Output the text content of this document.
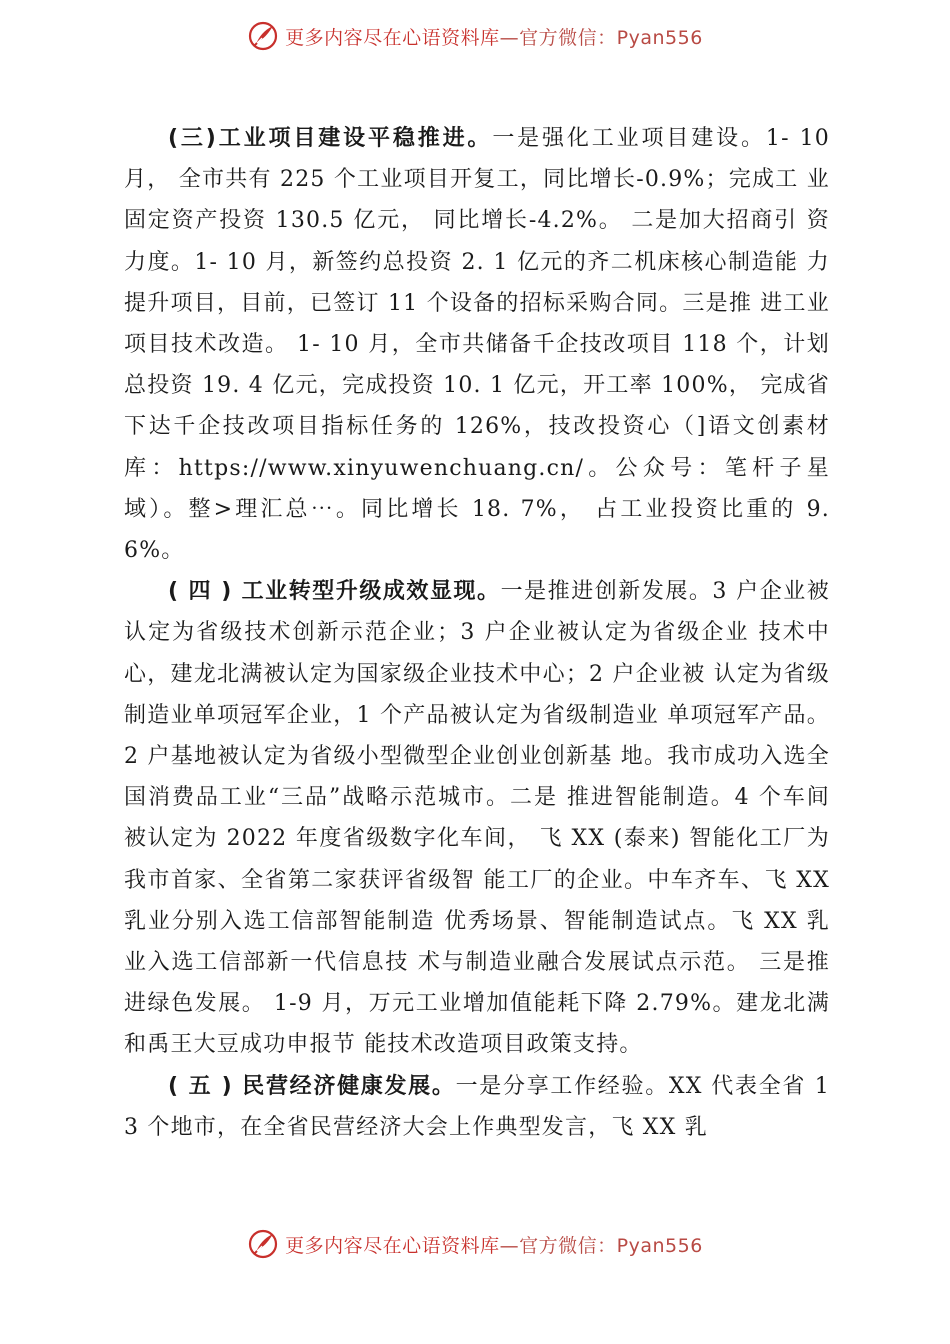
更多内容尽在心语资料库—官方微信：Pyan556

(三)工业项目建设平稳推进。一是强化工业项目建设。1- 10 月， 全市共有 225 个工业项目开复工，同比增长-0.9%；完成工 业固定资产投资 130.5 亿元， 同比增长-4.2%。 二是加大招商引 资力度。1- 10 月，新签约总投资 2. 1 亿元的齐二机床核心制造能 力提升项目，目前，已签订 11 个设备的招标采购合同。三是推 进工业项目技术改造。 1- 10 月，全市共储备千企技改项目 118 个，计划总投资 19. 4 亿元，完成投资 10. 1 亿元，开工率 100%， 完成省下达千企技改项目指标任务的 126%，技改投资心（]语文创素材库：https://www.xinyuwenchuang.cn/。公众号：笔杆子星域）。整>理汇总⋯。同比增长 18. 7%， 占工业投资比重的 9. 6%。

( 四 ) 工业转型升级成效显现。一是推进创新发展。3 户企业被认定为省级技术创新示范企业；3 户企业被认定为省级企业 技术中心，建龙北满被认定为国家级企业技术中心；2 户企业被 认定为省级制造业单项冠军企业，1 个产品被认定为省级制造业 单项冠军产品。2 户基地被认定为省级小型微型企业创业创新基 地。我市成功入选全国消费品工业“三品”战略示范城市。二是 推进智能制造。4 个车间被认定为 2022 年度省级数字化车间， 飞 XX (泰来) 智能化工厂为我市首家、全省第二家获评省级智 能工厂的企业。中车齐车、飞 XX 乳业分别入选工信部智能制造 优秀场景、智能制造试点。飞 XX 乳业入选工信部新一代信息技 术与制造业融合发展试点示范。 三是推进绿色发展。 1-9 月，万元工业增加值能耗下降 2.79%。建龙北满和禹王大豆成功申报节 能技术改造项目政策支持。

( 五 ) 民营经济健康发展。一是分享工作经验。XX 代表全省 13 个地市，在全省民营经济大会上作典型发言，飞 XX 乳

更多内容尽在心语资料库—官方微信：Pyan556
